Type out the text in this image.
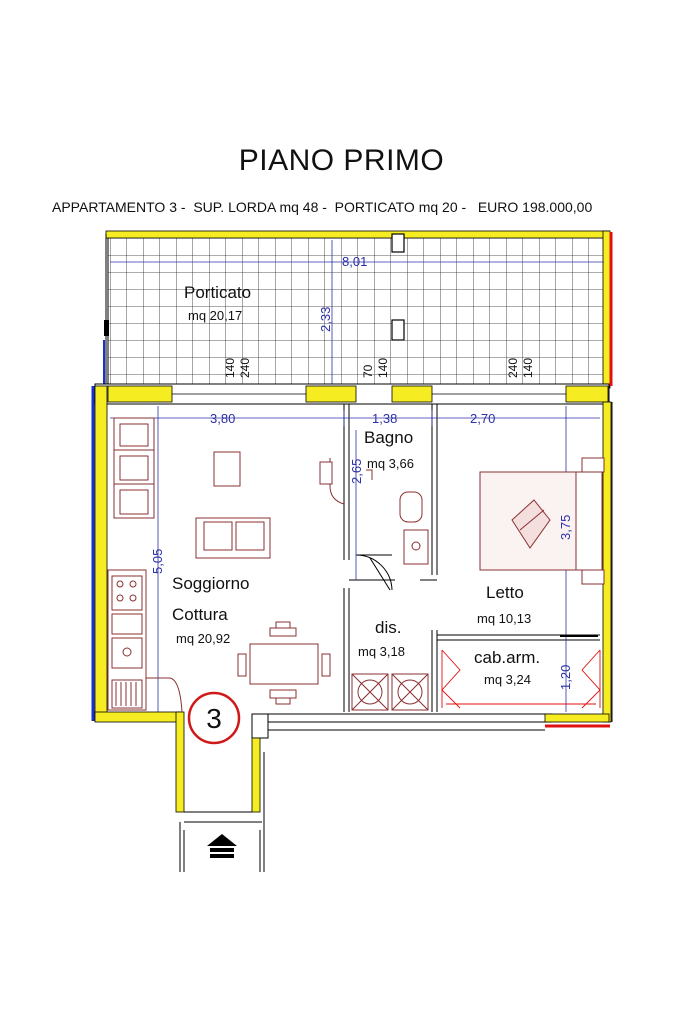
PIANO PRIMO
APPARTAMENTO 3 -  SUP. LORDA mq 48 -  PORTICATO mq 20 -   EURO 198.000,00
Porticato
mq 20,17
Bagno
mq 3,66
Soggiorno
Cottura
mq 20,92
Letto
mq 10,13
dis.
mq 3,18	cab.arm.
mq 3,24
8,01
2,33
3,80	1,38	2,70
5,05
2,65
3,75
1,20
140 240	70 140	240 140
3
